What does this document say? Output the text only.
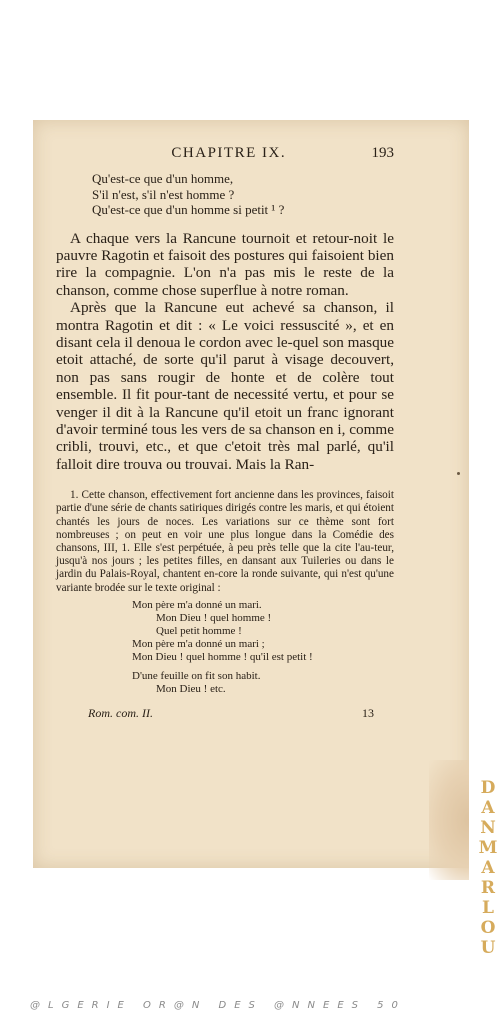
CHAPITRE IX.	193
Qu'est-ce que d'un homme,
S'il n'est, s'il n'est homme ?
Qu'est-ce que d'un homme si petit ¹ ?

A chaque vers la Rancune tournoit et retour-noit le pauvre Ragotin et faisoit des postures qui faisoient bien rire la compagnie. L'on n'a pas mis le reste de la chanson, comme chose superflue à notre roman.

Après que la Rancune eut achevé sa chanson, il montra Ragotin et dit : « Le voici ressuscité », et en disant cela il denoua le cordon avec le-quel son masque etoit attaché, de sorte qu'il parut à visage decouvert, non pas sans rougir de honte et de colère tout ensemble. Il fit pour-tant de necessité vertu, et pour se venger il dit à la Rancune qu'il etoit un franc ignorant d'avoir terminé tous les vers de sa chanson en i, comme cribli, trouvi, etc., et que c'etoit très mal parlé, qu'il falloit dire trouva ou trouvai. Mais la Ran-

1. Cette chanson, effectivement fort ancienne dans les provinces, faisoit partie d'une série de chants satiriques dirigés contre les maris, et qui étoient chantés les jours de noces. Les variations sur ce thème sont fort nombreuses ; on peut en voir une plus longue dans la Comédie des chansons, III, 1. Elle s'est perpétuée, à peu près telle que la cite l'au-teur, jusqu'à nos jours ; les petites filles, en dansant aux Tuileries ou dans le jardin du Palais-Royal, chantent en-core la ronde suivante, qui n'est qu'une variante brodée sur le texte original :

Mon père m'a donné un mari.
Mon Dieu ! quel homme !
Quel petit homme !
Mon père m'a donné un mari ;
Mon Dieu ! quel homme ! qu'il est petit !
D'une feuille on fit son habit.
Mon Dieu ! etc.
Rom. com. II.	13
D
A
N
M
A
R
L
O
U
@LGERIE OR@N DES @NNEES 50
